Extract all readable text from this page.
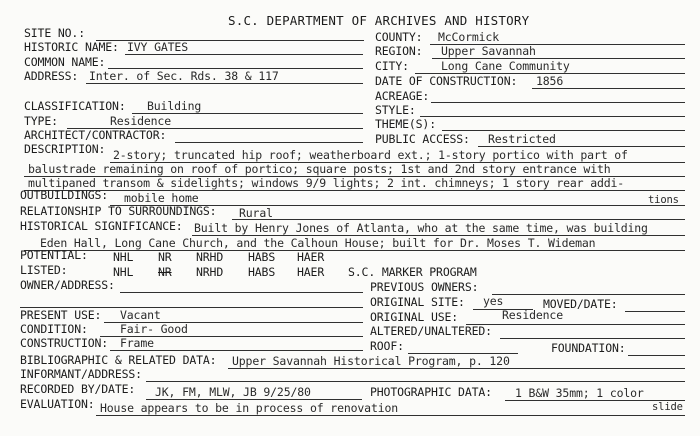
S.C. DEPARTMENT OF ARCHIVES AND HISTORY
SITE NO.:
HISTORIC NAME: IVY GATES
COMMON NAME:
ADDRESS: Inter. of Sec. Rds. 38 & 117
COUNTY: McCormick
REGION: Upper Savannah
CITY:	Long Cane Community
DATE OF CONSTRUCTION: 1856
ACREAGE:
STYLE:
THEME(S):
PUBLIC ACCESS: Restricted
CLASSIFICATION: Building
TYPE:	Residence
ARCHITECT/CONTRACTOR:
DESCRIPTION: 2-story; truncated hip roof; weatherboard ext.; 1-story portico with part of
balustrade remaining on roof of portico; square posts; 1st and 2nd story entrance with
multipaned transom & sidelights; windows 9/9 lights; 2 int. chimneys; 1 story rear addi-
tions
OUTBUILDINGS: mobile home
RELATIONSHIP TO SURROUNDINGS: Rural
HISTORICAL SIGNIFICANCE: Built by Henry Jones of Atlanta, who at the same time, was building
Eden Hall, Long Cane Church, and the Calhoun House; built for Dr. Moses T. Wideman
POTENTIAL: NHL NR NRHD HABS HAER
LISTED:	NHL NR NRHD HABS HAER S.C. MARKER PROGRAM
OWNER/ADDRESS:	PREVIOUS OWNERS:
ORIGINAL SITE: yes	MOVED/DATE:
PRESENT USE: Vacant	ORIGINAL USE:	Residence
CONDITION:	Fair- Good	ALTERED/UNALTERED:
CONSTRUCTION: Frame	ROOF:	FOUNDATION:
BIBLIOGRAPHIC & RELATED DATA: Upper Savannah Historical Program, p. 120
INFORMANT/ADDRESS:
RECORDED BY/DATE: JK, FM, MLW, JB 9/25/80	PHOTOGRAPHIC DATA: 1 B&W 35mm; 1 color
EVALUATION: House appears to be in process of renovation	slide
